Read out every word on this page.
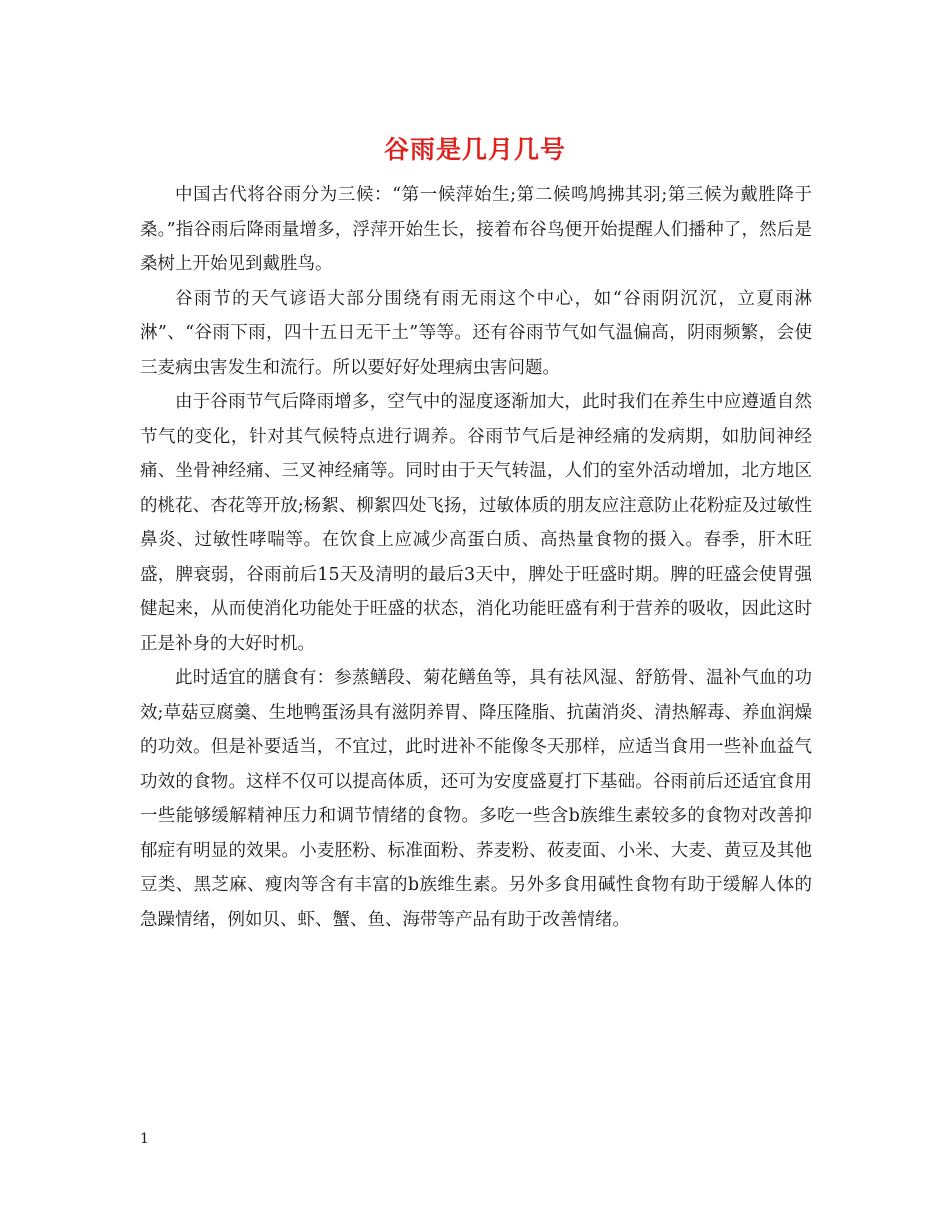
谷雨是几月几号

中国古代将谷雨分为三候：“第一候萍始生;第二候鸣鸠拂其羽;第三候为戴胜降于桑。”指谷雨后降雨量增多，浮萍开始生长，接着布谷鸟便开始提醒人们播种了，然后是桑树上开始见到戴胜鸟。

谷雨节的天气谚语大部分围绕有雨无雨这个中心，如“谷雨阴沉沉，立夏雨淋淋”、“谷雨下雨，四十五日无干土”等等。还有谷雨节气如气温偏高，阴雨频繁，会使三麦病虫害发生和流行。所以要好好处理病虫害问题。

由于谷雨节气后降雨增多，空气中的湿度逐渐加大，此时我们在养生中应遵遁自然节气的变化，针对其气候特点进行调养。谷雨节气后是神经痛的发病期，如肋间神经痛、坐骨神经痛、三叉神经痛等。同时由于天气转温，人们的室外活动增加，北方地区的桃花、杏花等开放;杨絮、柳絮四处飞扬，过敏体质的朋友应注意防止花粉症及过敏性鼻炎、过敏性哮喘等。在饮食上应减少高蛋白质、高热量食物的摄入。春季，肝木旺盛，脾衰弱，谷雨前后15天及清明的最后3天中，脾处于旺盛时期。脾的旺盛会使胃强健起来，从而使消化功能处于旺盛的状态，消化功能旺盛有利于营养的吸收，因此这时正是补身的大好时机。

此时适宜的膳食有：参蒸鳝段、菊花鳝鱼等，具有祛风湿、舒筋骨、温补气血的功效;草菇豆腐羹、生地鸭蛋汤具有滋阴养胃、降压隆脂、抗菌消炎、清热解毒、养血润燥的功效。但是补要适当，不宜过，此时进补不能像冬天那样，应适当食用一些补血益气功效的食物。这样不仅可以提高体质，还可为安度盛夏打下基础。谷雨前后还适宜食用一些能够缓解精神压力和调节情绪的食物。多吃一些含b族维生素较多的食物对改善抑郁症有明显的效果。小麦胚粉、标准面粉、荞麦粉、莜麦面、小米、大麦、黄豆及其他豆类、黑芝麻、瘦肉等含有丰富的b族维生素。另外多食用碱性食物有助于缓解人体的急躁情绪，例如贝、虾、蟹、鱼、海带等产品有助于改善情绪。

1
